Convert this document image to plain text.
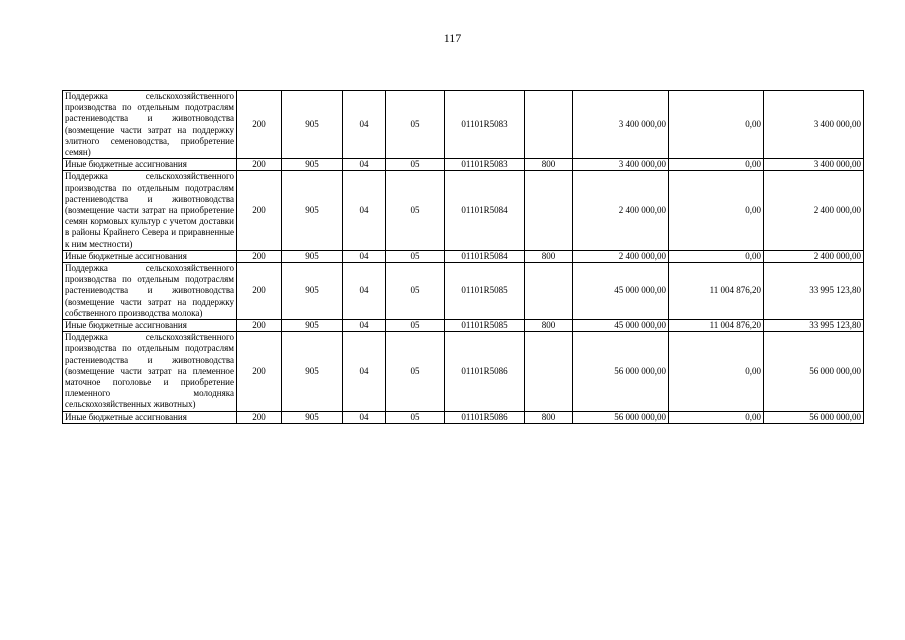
117
Поддержка сельскохозяйственного производства по отдельным подотраслям растениеводства и животноводства (возмещение части затрат на поддержку элитного семеноводства, приобретение семян)	200	905	04	05	01101R5083		3 400 000,00	0,00	3 400 000,00
Иные бюджетные ассигнования	200	905	04	05	01101R5083	800	3 400 000,00	0,00	3 400 000,00
Поддержка сельскохозяйственного производства по отдельным подотраслям растениеводства и животноводства (возмещение части затрат на приобретение семян кормовых культур с учетом доставки в районы Крайнего Севера и приравненные к ним местности)	200	905	04	05	01101R5084		2 400 000,00	0,00	2 400 000,00
Иные бюджетные ассигнования	200	905	04	05	01101R5084	800	2 400 000,00	0,00	2 400 000,00
Поддержка сельскохозяйственного производства по отдельным подотраслям растениеводства и животноводства (возмещение части затрат на поддержку собственного производства молока)	200	905	04	05	01101R5085		45 000 000,00	11 004 876,20	33 995 123,80
Иные бюджетные ассигнования	200	905	04	05	01101R5085	800	45 000 000,00	11 004 876,20	33 995 123,80
Поддержка сельскохозяйственного производства по отдельным подотраслям растениеводства и животноводства (возмещение части затрат на племенное маточное поголовье и приобретение племенного молодняка сельскохозяйственных животных)	200	905	04	05	01101R5086		56 000 000,00	0,00	56 000 000,00
Иные бюджетные ассигнования	200	905	04	05	01101R5086	800	56 000 000,00	0,00	56 000 000,00
